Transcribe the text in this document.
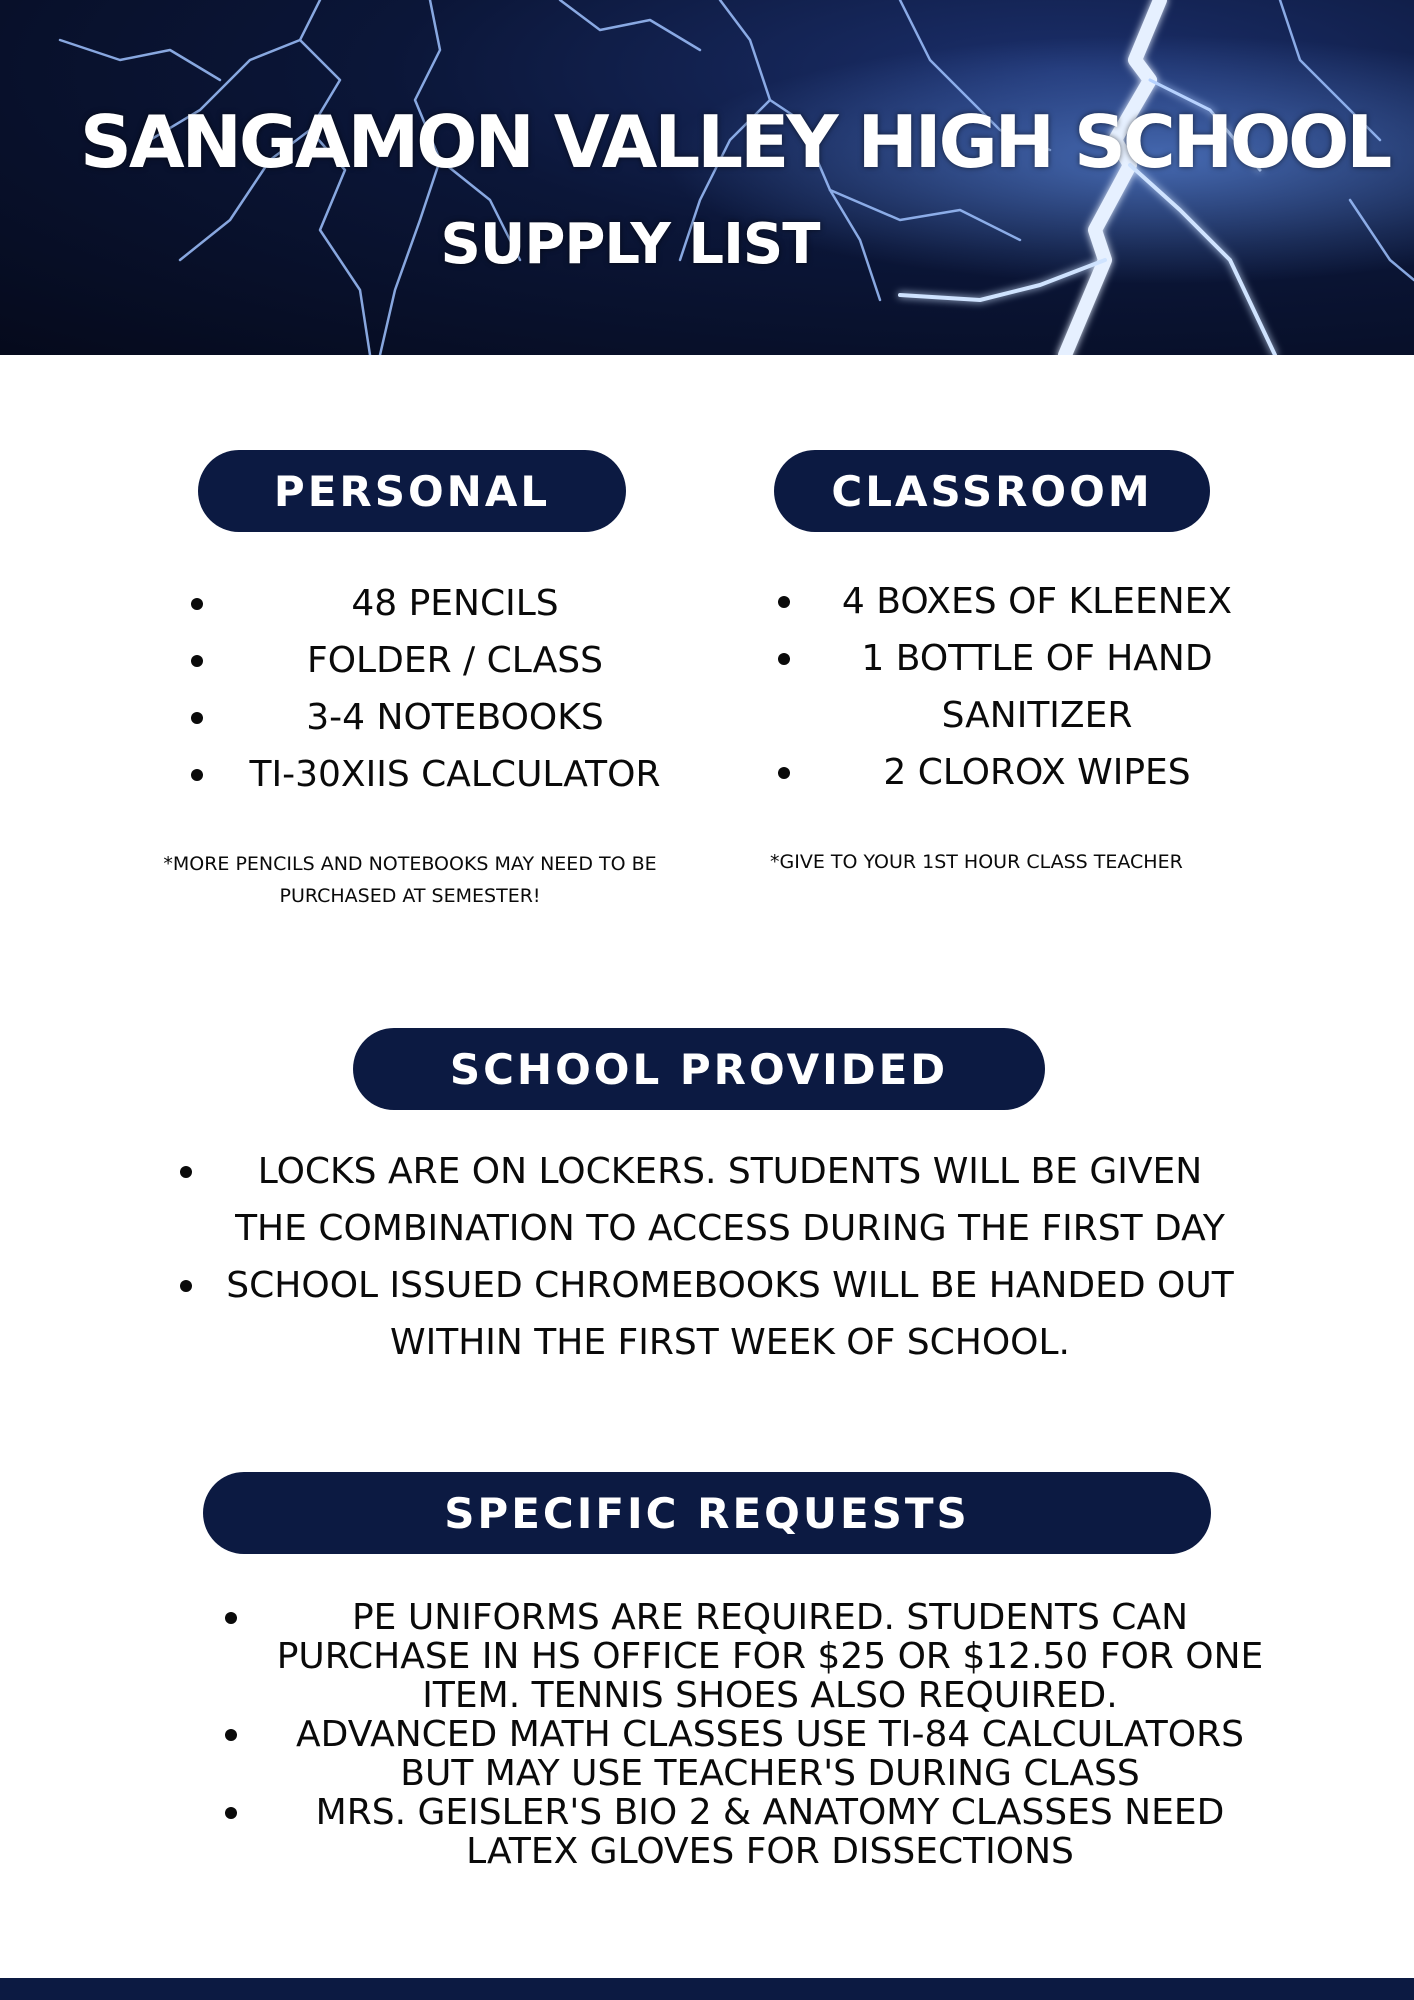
SANGAMON VALLEY HIGH SCHOOL
SUPPLY LIST
PERSONAL
48 PENCILS
FOLDER / CLASS
3-4 NOTEBOOKS
TI-30XIIS CALCULATOR
*MORE PENCILS AND NOTEBOOKS MAY NEED TO BE PURCHASED AT SEMESTER!
CLASSROOM
4 BOXES OF KLEENEX
1 BOTTLE OF HAND SANITIZER
2 CLOROX WIPES
*GIVE TO YOUR 1ST HOUR CLASS TEACHER
SCHOOL PROVIDED
LOCKS ARE ON LOCKERS. STUDENTS WILL BE GIVEN THE COMBINATION TO ACCESS DURING THE FIRST DAY
SCHOOL ISSUED CHROMEBOOKS WILL BE HANDED OUT WITHIN THE FIRST WEEK OF SCHOOL.
SPECIFIC REQUESTS
PE UNIFORMS ARE REQUIRED. STUDENTS CAN PURCHASE IN HS OFFICE FOR $25 OR $12.50 FOR ONE ITEM. TENNIS SHOES ALSO REQUIRED.
ADVANCED MATH CLASSES USE TI-84 CALCULATORS BUT MAY USE TEACHER'S DURING CLASS
MRS. GEISLER'S BIO 2 & ANATOMY CLASSES NEED LATEX GLOVES FOR DISSECTIONS
